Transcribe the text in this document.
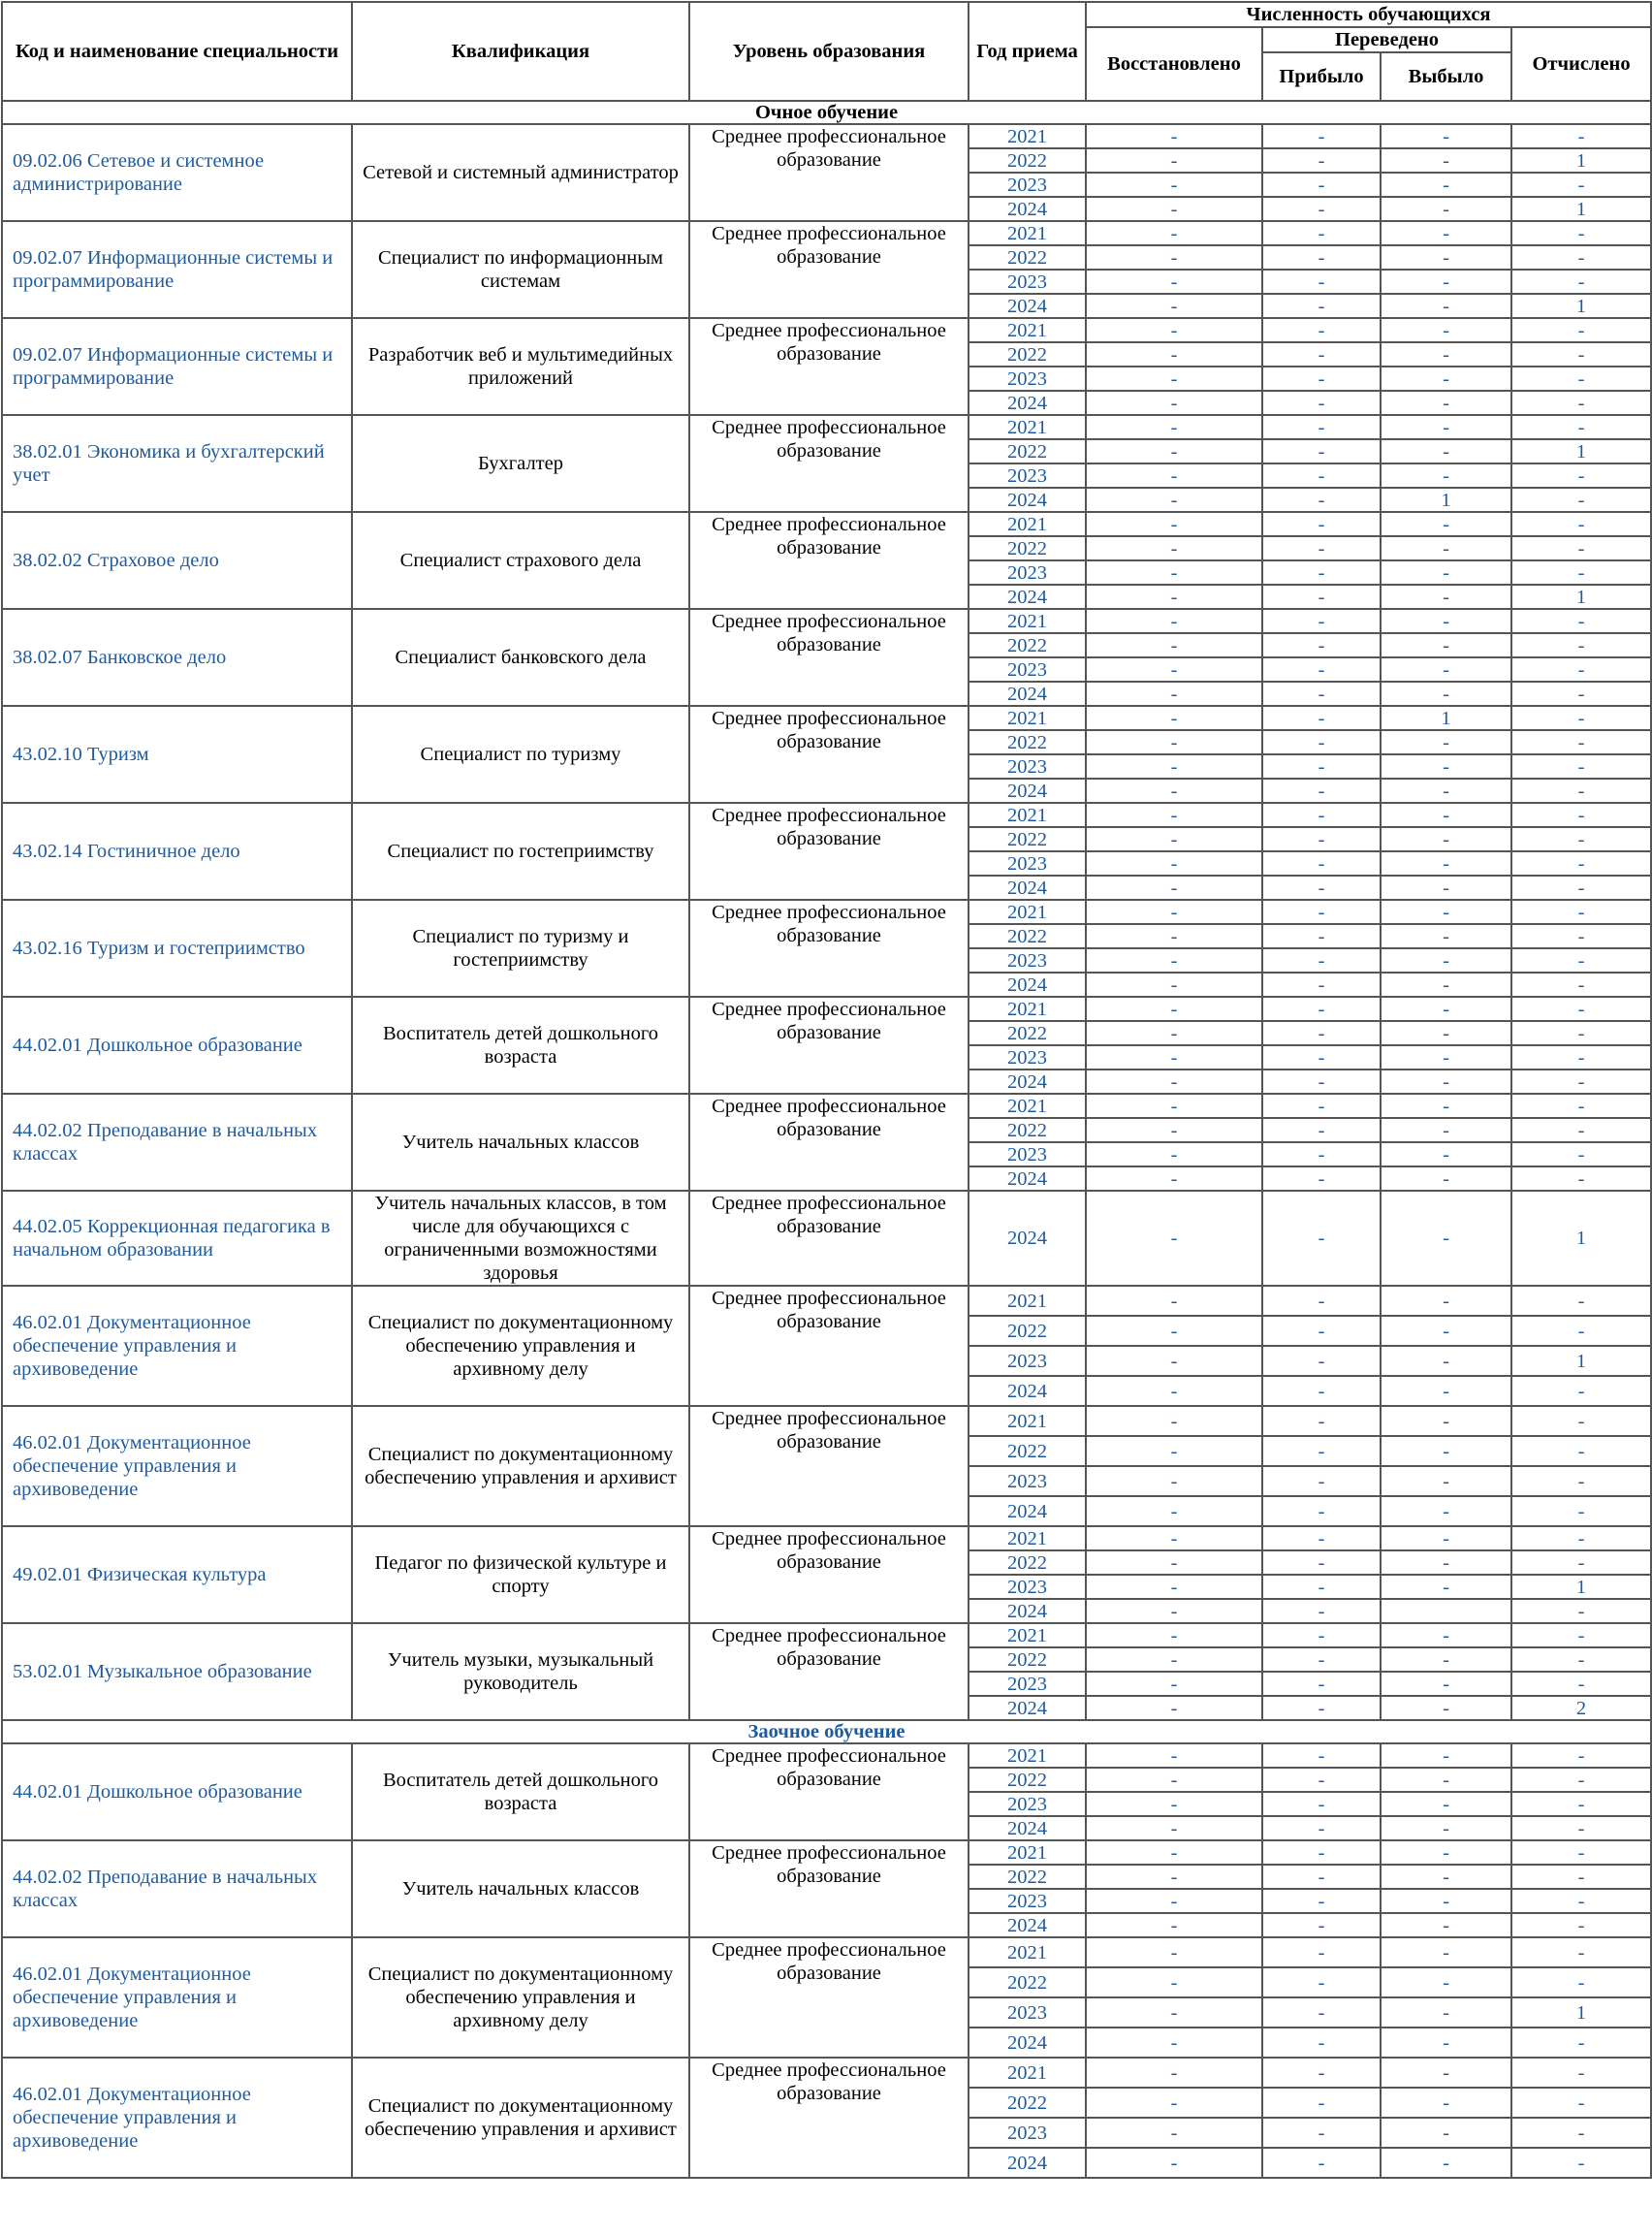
Код и наименование специальности	Квалификация	Уровень образования	Год приема	Численность обучающихся			
				Восстановлено	Переведено		Отчислено
					Прибыло	Выбыло	
Очное обучение							
09.02.06 Сетевое и системное администрирование	Сетевой и системный администратор	Среднее профессиональное образование	2021	-	-	-	-
			2022	-	-	-	1
			2023	-	-	-	-
			2024	-	-	-	1
09.02.07 Информационные системы и программирование	Специалист по информационным системам	Среднее профессиональное образование	2021	-	-	-	-
			2022	-	-	-	-
			2023	-	-	-	-
			2024	-	-	-	1
09.02.07 Информационные системы и программирование	Разработчик веб и мультимедийных приложений	Среднее профессиональное образование	2021	-	-	-	-
			2022	-	-	-	-
			2023	-	-	-	-
			2024	-	-	-	-
38.02.01 Экономика и бухгалтерский учет	Бухгалтер	Среднее профессиональное образование	2021	-	-	-	-
			2022	-	-	-	1
			2023	-	-	-	-
			2024	-	-	1	-
38.02.02 Страховое дело	Специалист страхового дела	Среднее профессиональное образование	2021	-	-	-	-
			2022	-	-	-	-
			2023	-	-	-	-
			2024	-	-	-	1
38.02.07 Банковское дело	Специалист банковского дела	Среднее профессиональное образование	2021	-	-	-	-
			2022	-	-	-	-
			2023	-	-	-	-
			2024	-	-	-	-
43.02.10 Туризм	Специалист по туризму	Среднее профессиональное образование	2021	-	-	1	-
			2022	-	-	-	-
			2023	-	-	-	-
			2024	-	-	-	-
43.02.14 Гостиничное дело	Специалист по гостеприимству	Среднее профессиональное образование	2021	-	-	-	-
			2022	-	-	-	-
			2023	-	-	-	-
			2024	-	-	-	-
43.02.16 Туризм и гостеприимство	Специалист по туризму и гостеприимству	Среднее профессиональное образование	2021	-	-	-	-
			2022	-	-	-	-
			2023	-	-	-	-
			2024	-	-	-	-
44.02.01 Дошкольное образование	Воспитатель детей дошкольного возраста	Среднее профессиональное образование	2021	-	-	-	-
			2022	-	-	-	-
			2023	-	-	-	-
			2024	-	-	-	-
44.02.02 Преподавание в начальных классах	Учитель начальных классов	Среднее профессиональное образование	2021	-	-	-	-
			2022	-	-	-	-
			2023	-	-	-	-
			2024	-	-	-	-
44.02.05 Коррекционная педагогика в начальном образовании	Учитель начальных классов, в том числе для обучающихся с ограниченными возможностями здоровья	Среднее профессиональное образование	2024	-	-	-	1
46.02.01 Документационное обеспечение управления и архивоведение	Специалист по документационному обеспечению управления и архивному делу	Среднее профессиональное образование	2021	-	-	-	-
			2022	-	-	-	-
			2023	-	-	-	1
			2024	-	-	-	-
46.02.01 Документационное обеспечение управления и архивоведение	Специалист по документационному обеспечению управления и архивист	Среднее профессиональное образование	2021	-	-	-	-
			2022	-	-	-	-
			2023	-	-	-	-
			2024	-	-	-	-
49.02.01 Физическая культура	Педагог по физической культуре и спорту	Среднее профессиональное образование	2021	-	-	-	-
			2022	-	-	-	-
			2023	-	-	-	1
			2024	-	-		-
53.02.01 Музыкальное образование	Учитель музыки, музыкальный руководитель	Среднее профессиональное образование	2021	-	-	-	-
			2022	-	-	-	-
			2023	-	-	-	-
			2024	-	-	-	2
Заочное обучение							
44.02.01 Дошкольное образование	Воспитатель детей дошкольного возраста	Среднее профессиональное образование	2021	-	-	-	-
			2022	-	-	-	-
			2023	-	-	-	-
			2024	-	-	-	-
44.02.02 Преподавание в начальных классах	Учитель начальных классов	Среднее профессиональное образование	2021	-	-	-	-
			2022	-	-	-	-
			2023	-	-	-	-
			2024	-	-	-	-
46.02.01 Документационное обеспечение управления и архивоведение	Специалист по документационному обеспечению управления и архивному делу	Среднее профессиональное образование	2021	-	-	-	-
			2022	-	-	-	-
			2023	-	-	-	1
			2024	-	-	-	-
46.02.01 Документационное обеспечение управления и архивоведение	Специалист по документационному обеспечению управления и архивист	Среднее профессиональное образование	2021	-	-	-	-
			2022	-	-	-	-
			2023	-	-	-	-
			2024	-	-	-	-
